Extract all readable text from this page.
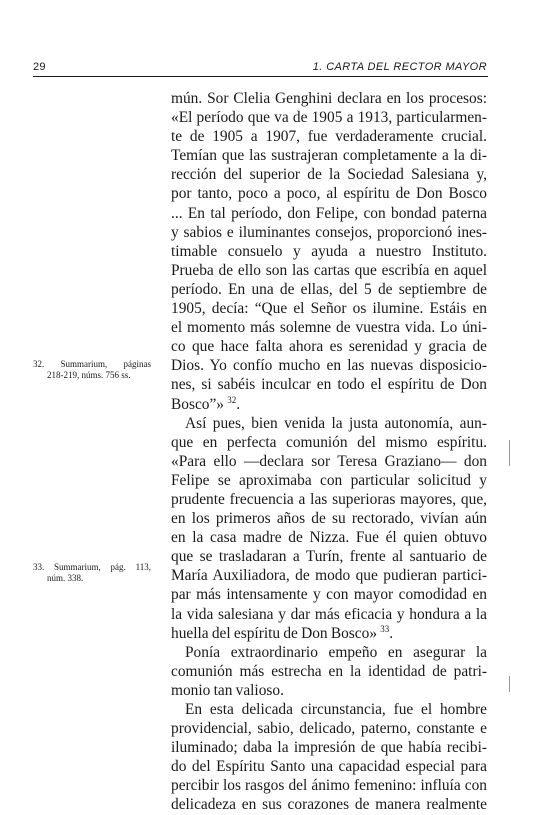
29	1. CARTA DEL RECTOR MAYOR
32. Summarium, páginas
218-219, núms. 756 ss.
33. Summarium, pág. 113,
núm. 338.
mún. Sor Clelia Genghini declara en los procesos:
«El período que va de 1905 a 1913, particularmen-
te de 1905 a 1907, fue verdaderamente crucial.
Temían que las sustrajeran completamente a la di-
rección del superior de la Sociedad Salesiana y,
por tanto, poco a poco, al espíritu de Don Bosco
... En tal período, don Felipe, con bondad paterna
y sabios e iluminantes consejos, proporcionó ines-
timable consuelo y ayuda a nuestro Instituto.
Prueba de ello son las cartas que escribía en aquel
período. En una de ellas, del 5 de septiembre de
1905, decía: “Que el Señor os ilumine. Estáis en
el momento más solemne de vuestra vida. Lo úni-
co que hace falta ahora es serenidad y gracia de
Dios. Yo confío mucho en las nuevas disposicio-
nes, si sabéis inculcar en todo el espíritu de Don
Bosco”» $^{32}$.
Así pues, bien venida la justa autonomía, aun-
que en perfecta comunión del mismo espíritu.
«Para ello —declara sor Teresa Graziano— don
Felipe se aproximaba con particular solicitud y
prudente frecuencia a las superioras mayores, que,
en los primeros años de su rectorado, vivían aún
en la casa madre de Nizza. Fue él quien obtuvo
que se trasladaran a Turín, frente al santuario de
María Auxiliadora, de modo que pudieran partici-
par más intensamente y con mayor comodidad en
la vida salesiana y dar más eficacia y hondura a la
huella del espíritu de Don Bosco» $^{33}$.
Ponía extraordinario empeño en asegurar la
comunión más estrecha en la identidad de patri-
monio tan valioso.
En esta delicada circunstancia, fue el hombre
providencial, sabio, delicado, paterno, constante e
iluminado; daba la impresión de que había recibi-
do del Espíritu Santo una capacidad especial para
percibir los rasgos del ánimo femenino: influía con
delicadeza en sus corazones de manera realmente
